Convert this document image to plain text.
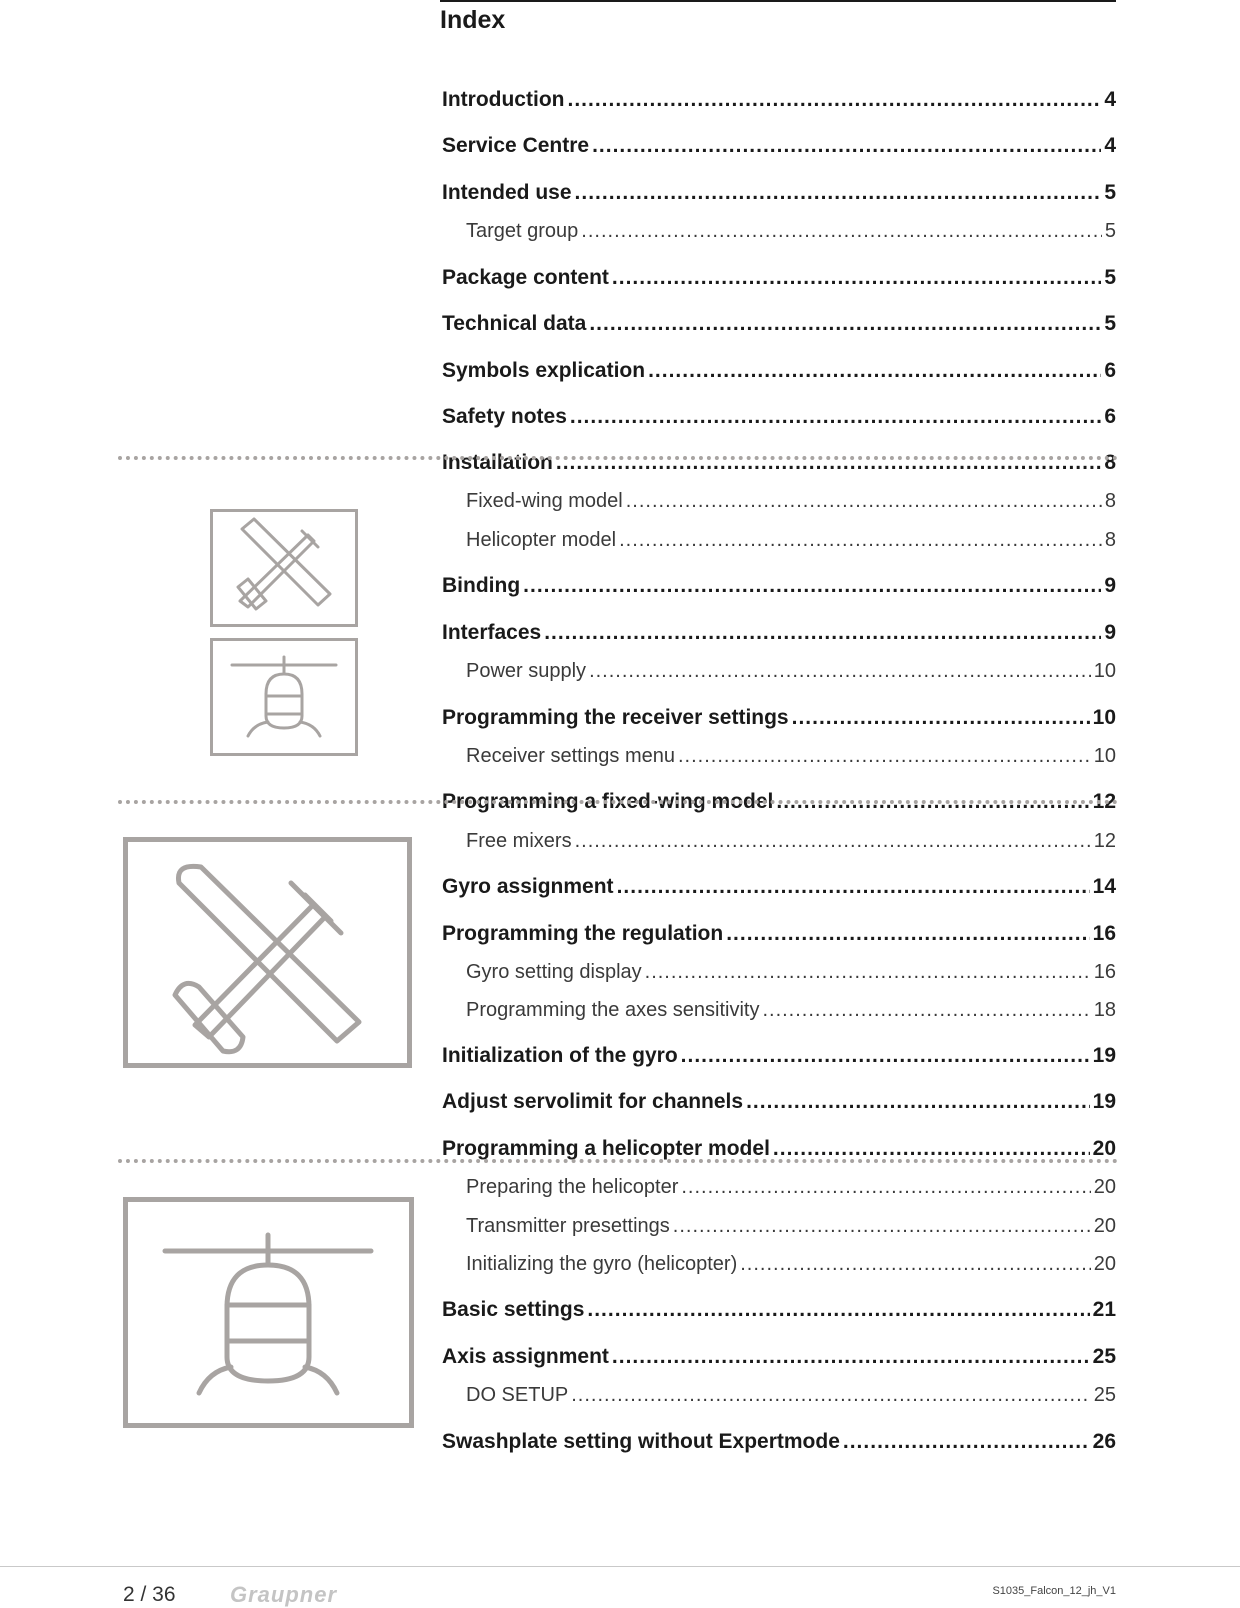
Index
Introduction .....	4
Service Centre .....	4
Intended use .....	5
Target group .....	5
Package content .....	5
Technical data .....	5
Symbols explication .....	6
Safety notes .....	6
Installation .....	8
Fixed-wing model .....	8
Helicopter model .....	8
Binding .....	9
Interfaces .....	9
Power supply .....	10
Programming the receiver settings .....	10
Receiver settings menu .....	10
Programming a fixed-wing model .....	12
Free mixers .....	12
Gyro assignment .....	14
Programming the regulation .....	16
Gyro setting display .....	16
Programming the axes sensitivity .....	18
Initialization of the gyro .....	19
Adjust servolimit for channels .....	19
Programming a helicopter model .....	20
Preparing the helicopter .....	20
Transmitter presettings .....	20
Initializing the gyro (helicopter) .....	20
Basic settings .....	21
Axis assignment .....	25
DO SETUP .....	25
Swashplate setting without Expertmode .....	26
2 / 36 Graupner	S1035_Falcon_12_jh_V1
